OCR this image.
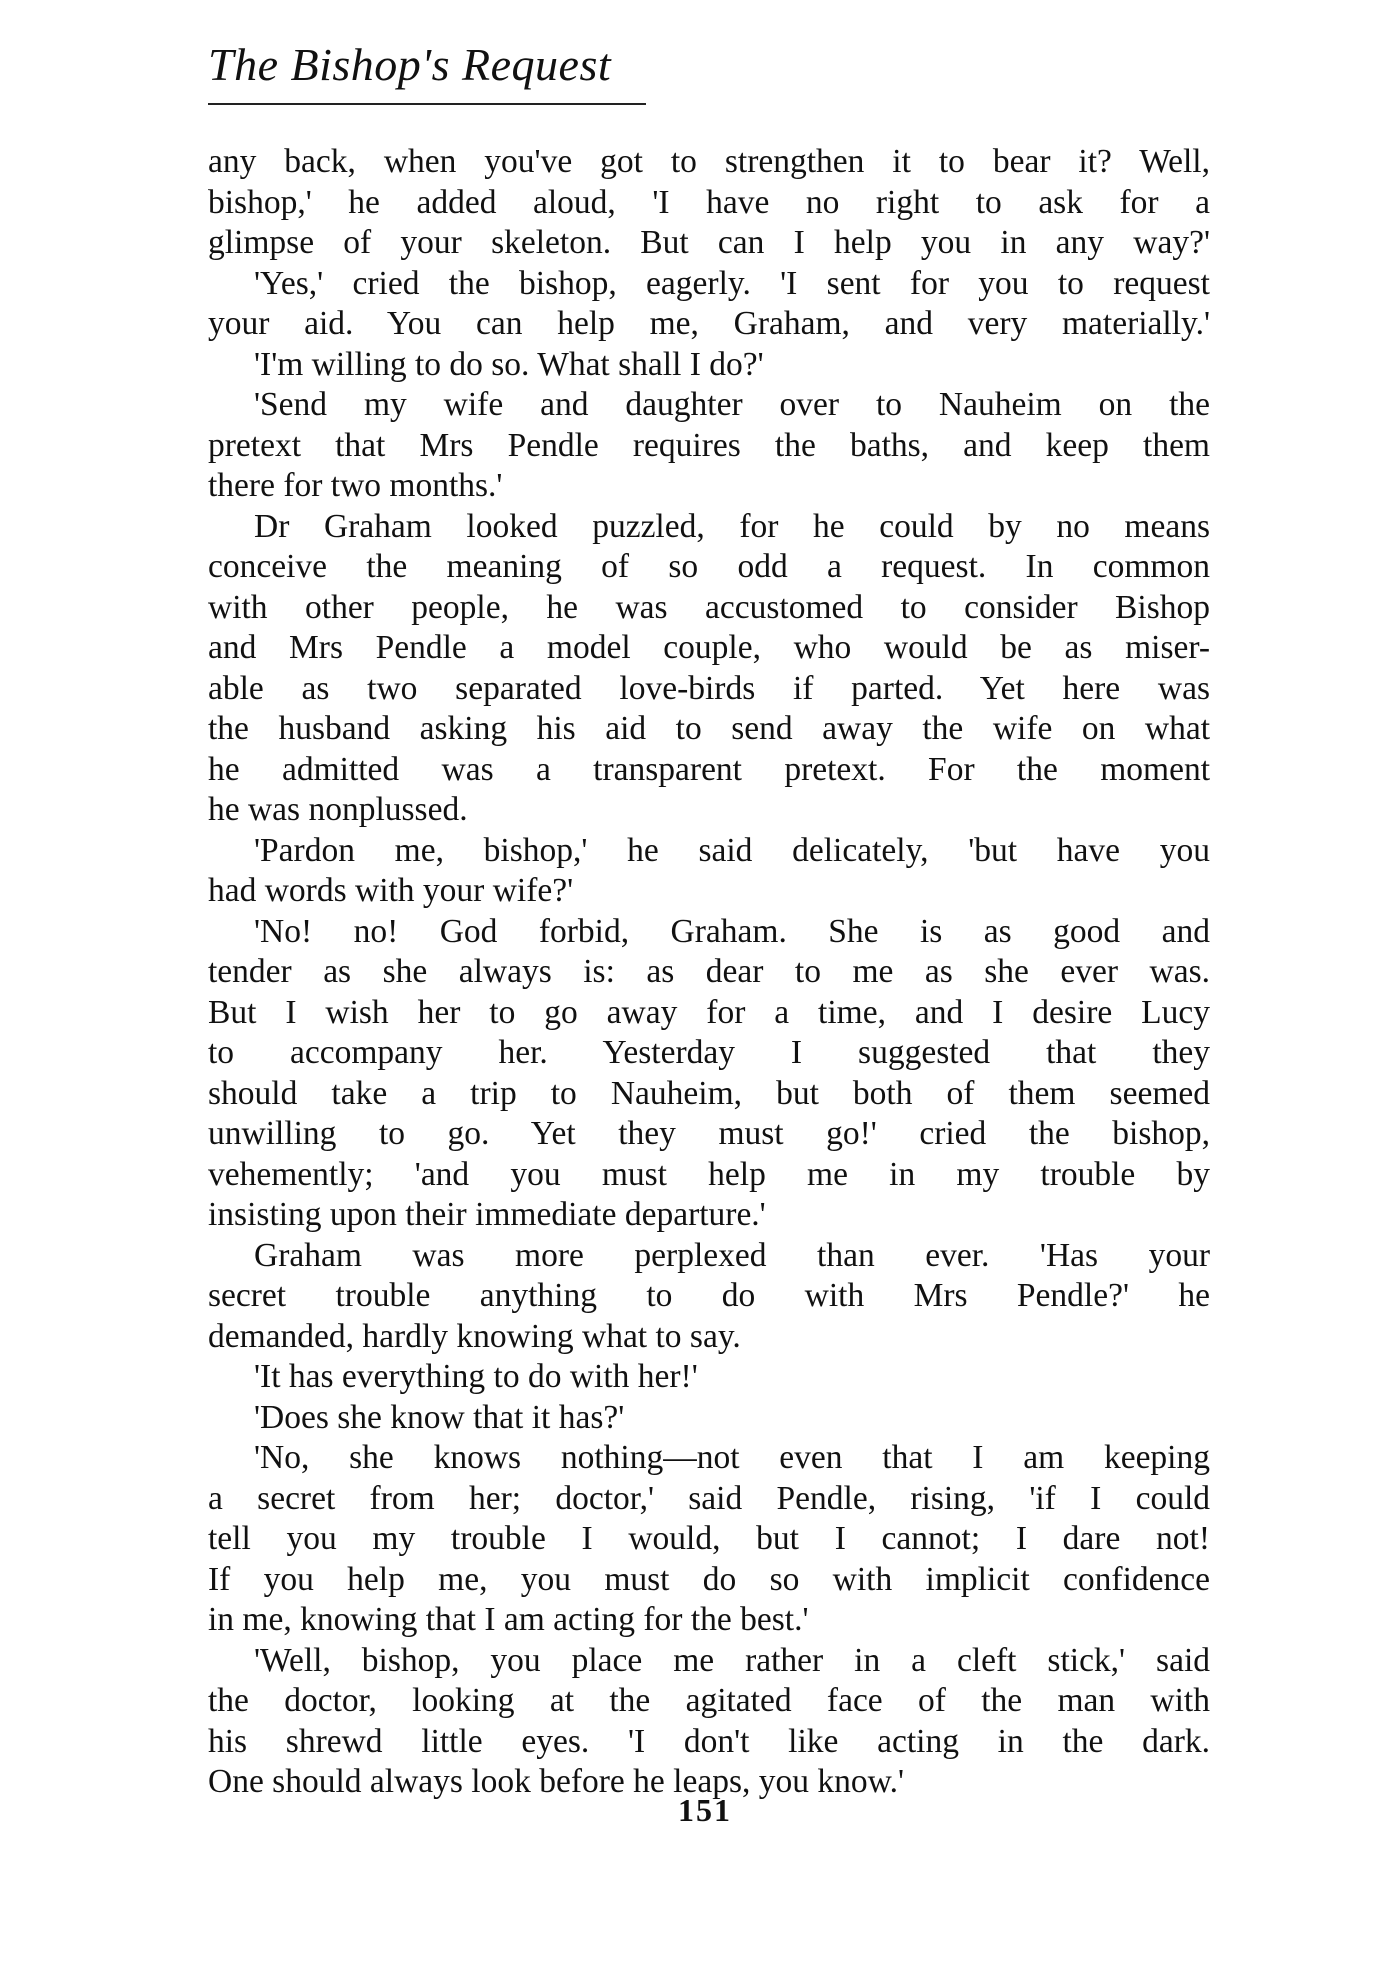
The Bishop's Request
any back, when you've got to strengthen it to bear it? Well,
bishop,' he added aloud, 'I have no right to ask for a
glimpse of your skeleton. But can I help you in any way?'
'Yes,' cried the bishop, eagerly. 'I sent for you to request
your aid. You can help me, Graham, and very materially.'
'I'm willing to do so. What shall I do?'
'Send my wife and daughter over to Nauheim on the
pretext that Mrs Pendle requires the baths, and keep them
there for two months.'
Dr Graham looked puzzled, for he could by no means
conceive the meaning of so odd a request. In common
with other people, he was accustomed to consider Bishop
and Mrs Pendle a model couple, who would be as miser-
able as two separated love-birds if parted. Yet here was
the husband asking his aid to send away the wife on what
he admitted was a transparent pretext. For the moment
he was nonplussed.
'Pardon me, bishop,' he said delicately, 'but have you
had words with your wife?'
'No! no! God forbid, Graham. She is as good and
tender as she always is: as dear to me as she ever was.
But I wish her to go away for a time, and I desire Lucy
to accompany her. Yesterday I suggested that they
should take a trip to Nauheim, but both of them seemed
unwilling to go. Yet they must go!' cried the bishop,
vehemently; 'and you must help me in my trouble by
insisting upon their immediate departure.'
Graham was more perplexed than ever. 'Has your
secret trouble anything to do with Mrs Pendle?' he
demanded, hardly knowing what to say.
'It has everything to do with her!'
'Does she know that it has?'
'No, she knows nothing—not even that I am keeping
a secret from her; doctor,' said Pendle, rising, 'if I could
tell you my trouble I would, but I cannot; I dare not!
If you help me, you must do so with implicit confidence
in me, knowing that I am acting for the best.'
'Well, bishop, you place me rather in a cleft stick,' said
the doctor, looking at the agitated face of the man with
his shrewd little eyes. 'I don't like acting in the dark.
One should always look before he leaps, you know.'
151
